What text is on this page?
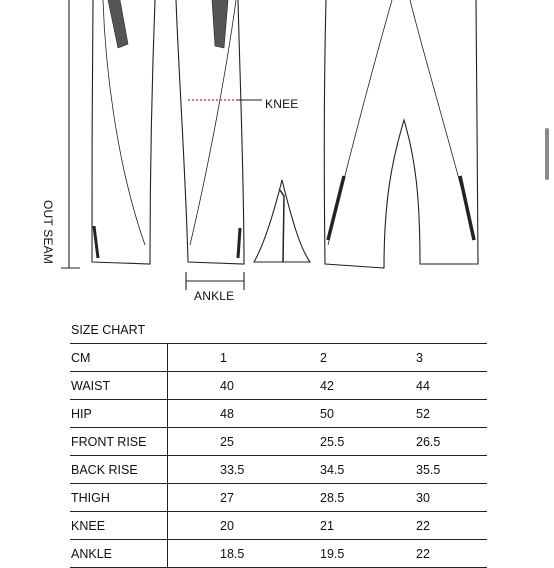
KNEE
ANKLE
OUT SEAM
SIZE CHART
CM	1	2	3
WAIST	40	42	44
HIP	48	50	52
FRONT RISE	25	25.5	26.5
BACK RISE	33.5	34.5	35.5
THIGH	27	28.5	30
KNEE	20	21	22
ANKLE	18.5	19.5	22
